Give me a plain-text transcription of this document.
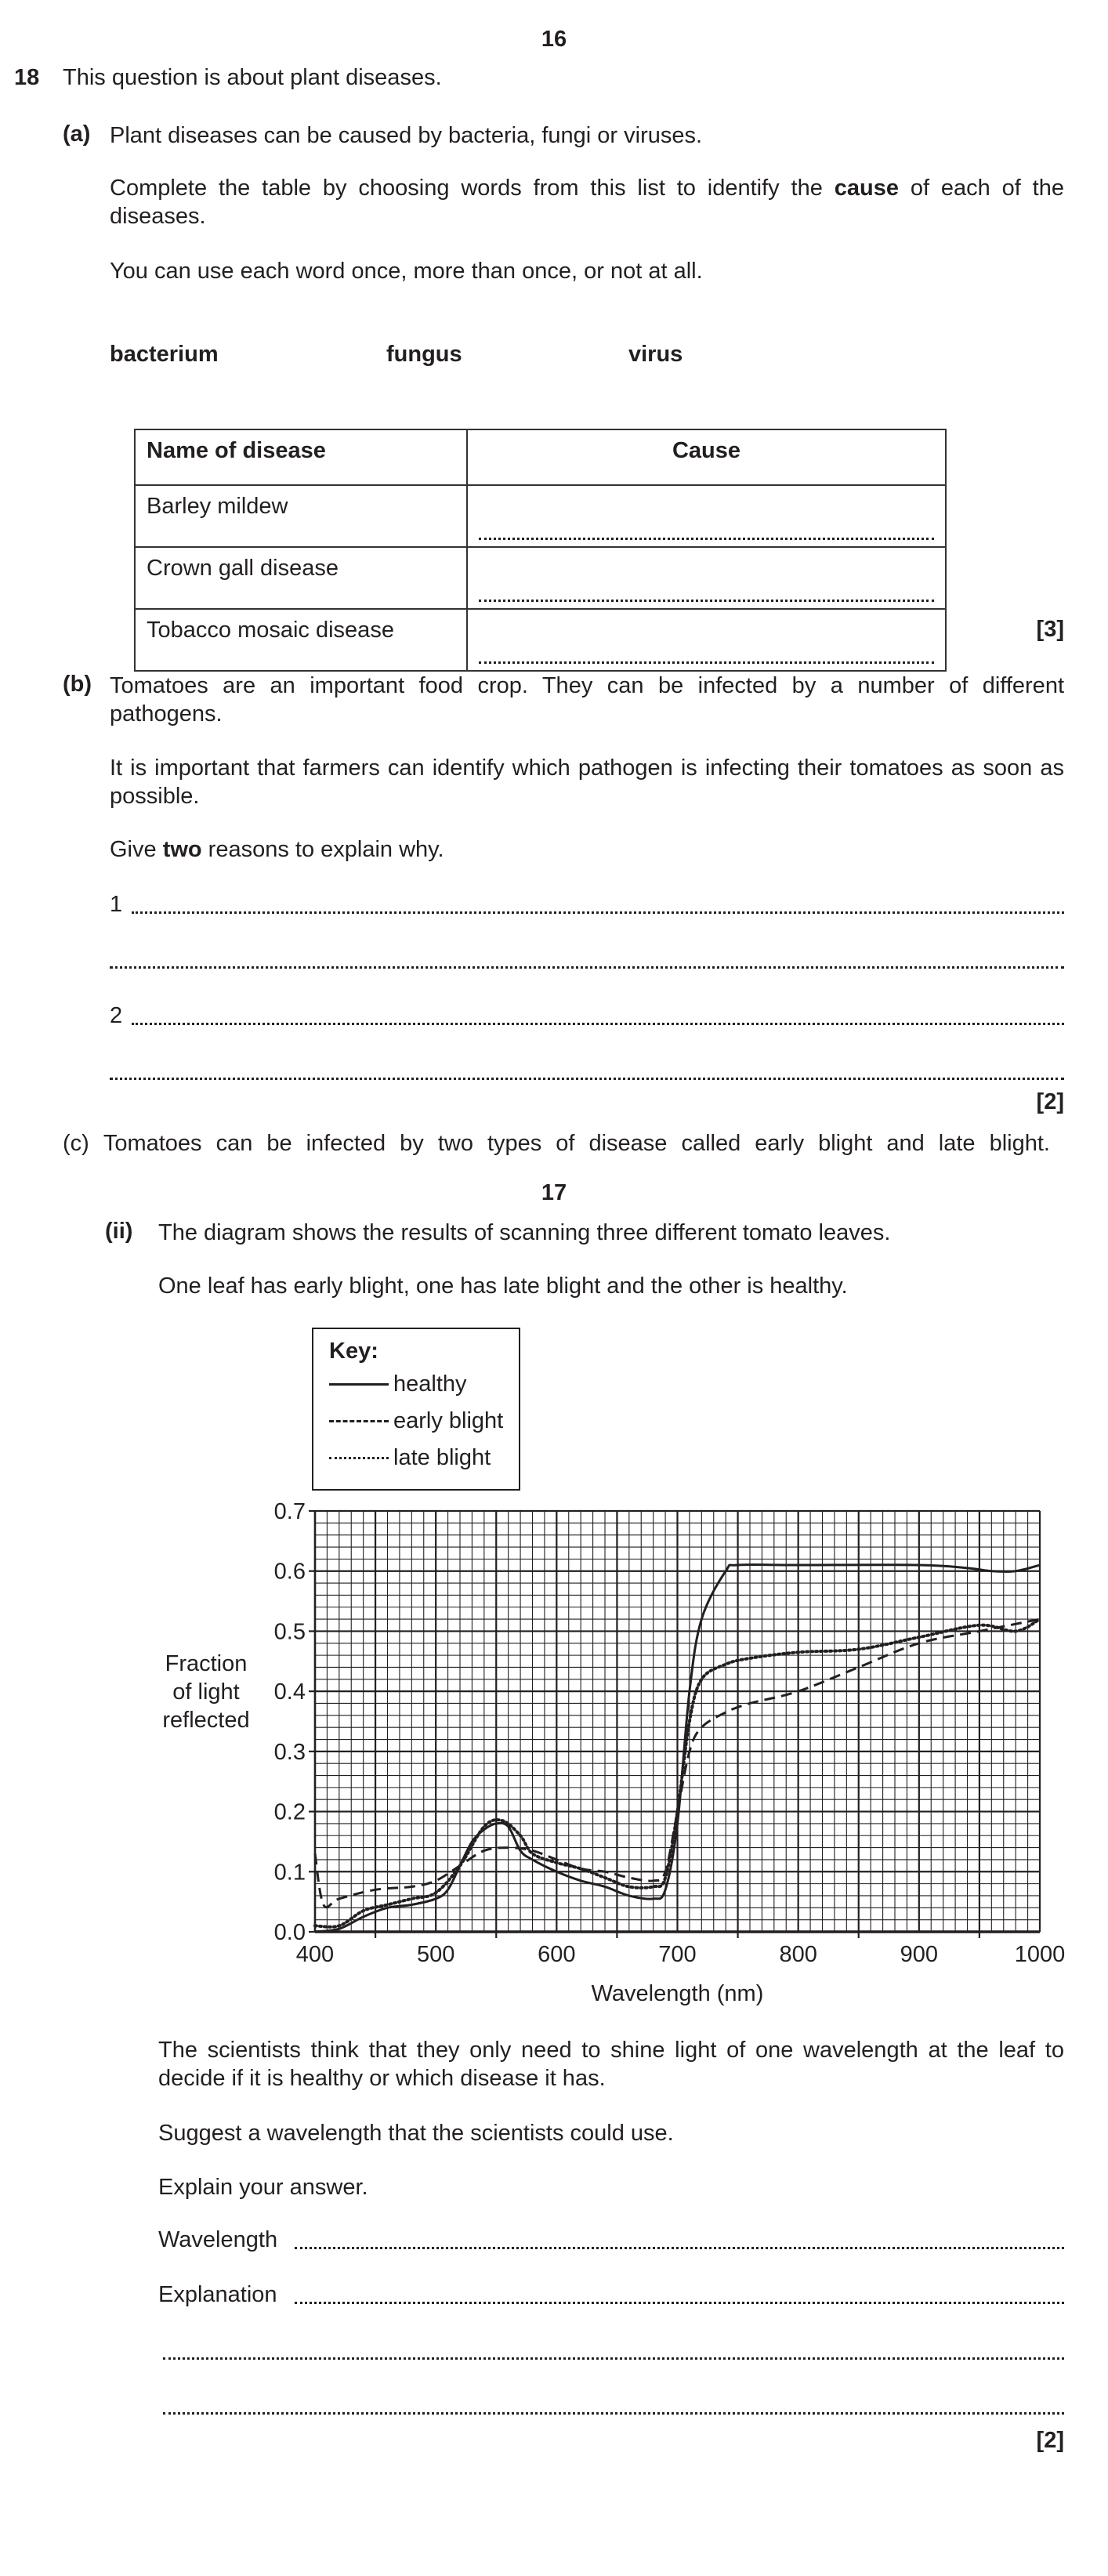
16
18 This question is about plant diseases.
(a) Plant diseases can be caused by bacteria, fungi or viruses.
Complete the table by choosing words from this list to identify the cause of each of the diseases.
You can use each word once, more than once, or not at all.
bacterium	fungus	virus
Name of disease	Cause
Barley mildew	

Crown gall disease	

Tobacco mosaic disease		[3]
(b) Tomatoes are an important food crop. They can be infected by a number of different pathogens.
It is important that farmers can identify which pathogen is infecting their tomatoes as soon as possible.
Give two reasons to explain why.
1
2
[2]
(c) Tomatoes can be infected by two types of disease called early blight and late blight.
17
(ii) The diagram shows the results of scanning three different tomato leaves.
One leaf has early blight, one has late blight and the other is healthy.
Key:
healthy
early blight
late blight
0.0
0.1
0.2
0.3
0.4
0.5
0.6
0.7
400	500	600	700	800	900	1000
Fraction
of light
reflected
Wavelength (nm)
The scientists think that they only need to shine light of one wavelength at the leaf to decide if it is healthy or which disease it has.
Suggest a wavelength that the scientists could use.
Explain your answer.
Wavelength
Explanation
[2]
